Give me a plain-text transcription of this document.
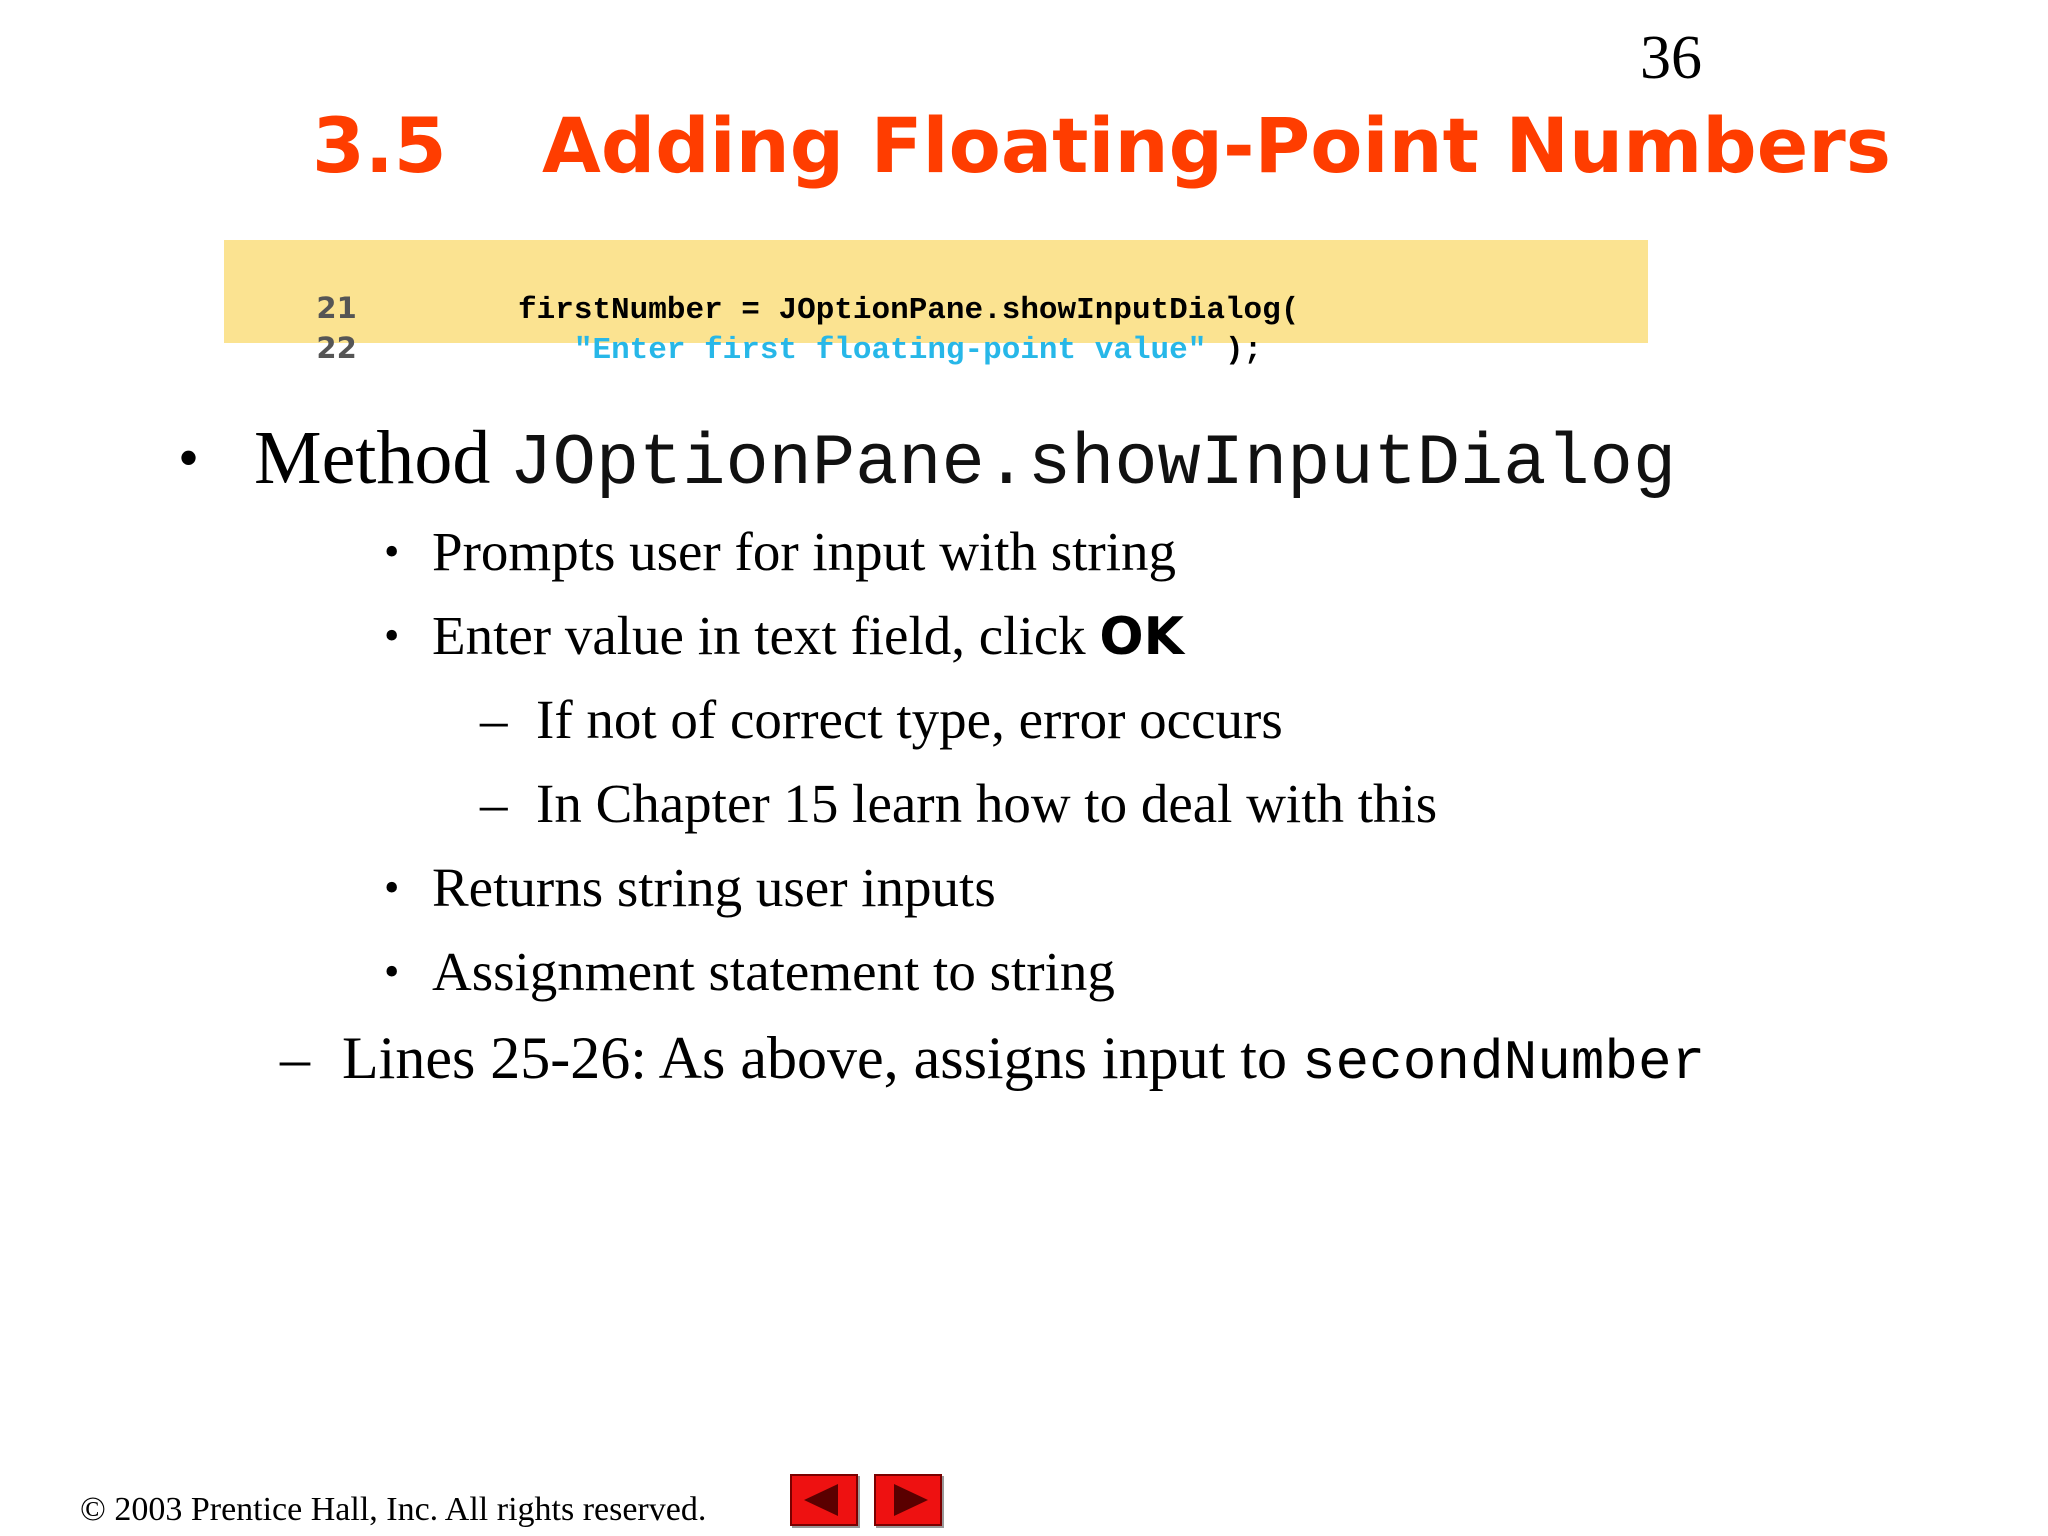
36
3.5 Adding Floating-Point Numbers

21      firstNumber = JOptionPane.showInputDialog(

22	"Enter first floating-point value" );

• Method JOptionPane.showInputDialog
• Prompts user for input with string
• Enter value in text field, click OK
– If not of correct type, error occurs
– In Chapter 15 learn how to deal with this
• Returns string user inputs
• Assignment statement to string
– Lines 25-26: As above, assigns input to secondNumber
© 2003 Prentice Hall, Inc. All rights reserved.
